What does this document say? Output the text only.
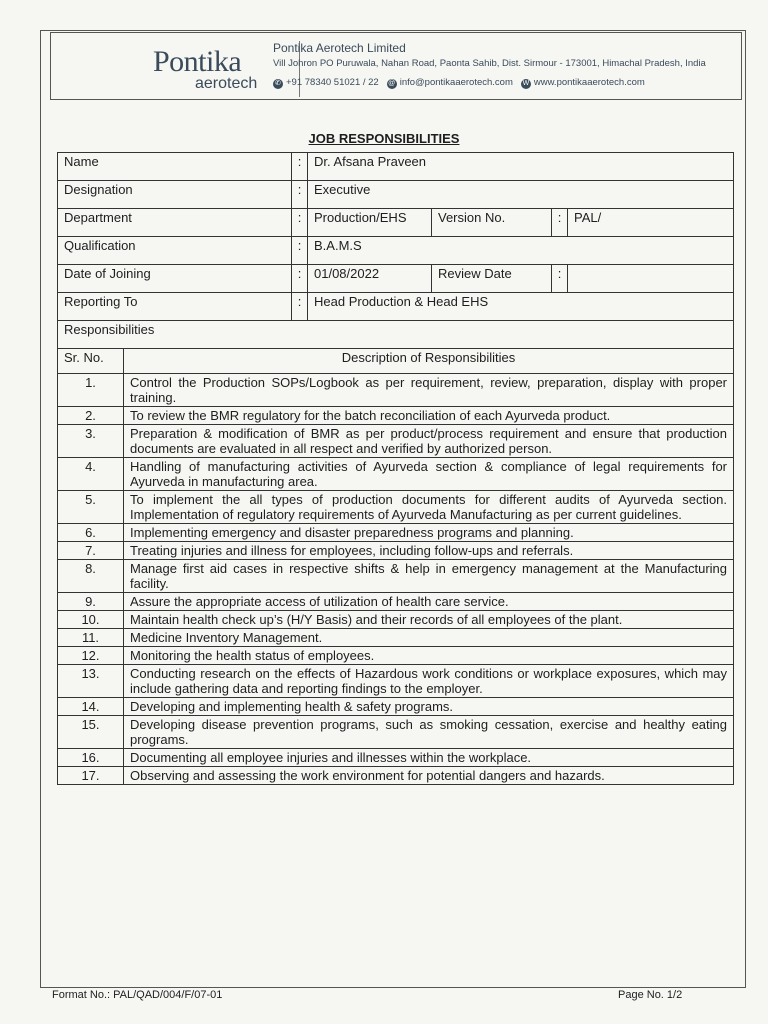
Pontika
aerotech
Pontika Aerotech Limited
Vill Johron PO Puruwala, Nahan Road, Paonta Sahib, Dist. Sirmour - 173001, Himachal Pradesh, India
✆ +91 78340 51021 / 22 @ info@pontikaaerotech.com W www.pontikaaerotech.com
JOB RESPONSIBILITIES
Name		:	Dr. Afsana Praveen			
Designation		:	Executive			
Department		:	Production/EHS	Version No.	:	PAL/
Qualification		:	B.A.M.S			
Date of Joining		:	01/08/2022	Review Date	:	
Reporting To		:	Head Production & Head EHS			
Responsibilities						
Sr. No.	Description of Responsibilities					
1.	Control the Production SOPs/Logbook as per requirement, review, preparation, display with proper training.					
2.	To review the BMR regulatory for the batch reconciliation of each Ayurveda product.					
3.	Preparation & modification of BMR as per product/process requirement and ensure that production documents are evaluated in all respect and verified by authorized person.					
4.	Handling of manufacturing activities of Ayurveda section & compliance of legal requirements for Ayurveda in manufacturing area.					
5.	To implement the all types of production documents for different audits of Ayurveda section. Implementation of regulatory requirements of Ayurveda Manufacturing as per current guidelines.					
6.	Implementing emergency and disaster preparedness programs and planning.					
7.	Treating injuries and illness for employees, including follow-ups and referrals.					
8.	Manage first aid cases in respective shifts & help in emergency management at the Manufacturing facility.					
9.	Assure the appropriate access of utilization of health care service.					
10.	Maintain health check up’s (H/Y Basis) and their records of all employees of the plant.					
11.	Medicine Inventory Management.					
12.	Monitoring the health status of employees.					
13.	Conducting research on the effects of Hazardous work conditions or workplace exposures, which may include gathering data and reporting findings to the employer.					
14.	Developing and implementing health & safety programs.					
15.	Developing disease prevention programs, such as smoking cessation, exercise and healthy eating programs.					
16.	Documenting all employee injuries and illnesses within the workplace.					
17.	Observing and assessing the work environment for potential dangers and hazards.					
Format No.: PAL/QAD/004/F/07-01	Page No. 1/2
